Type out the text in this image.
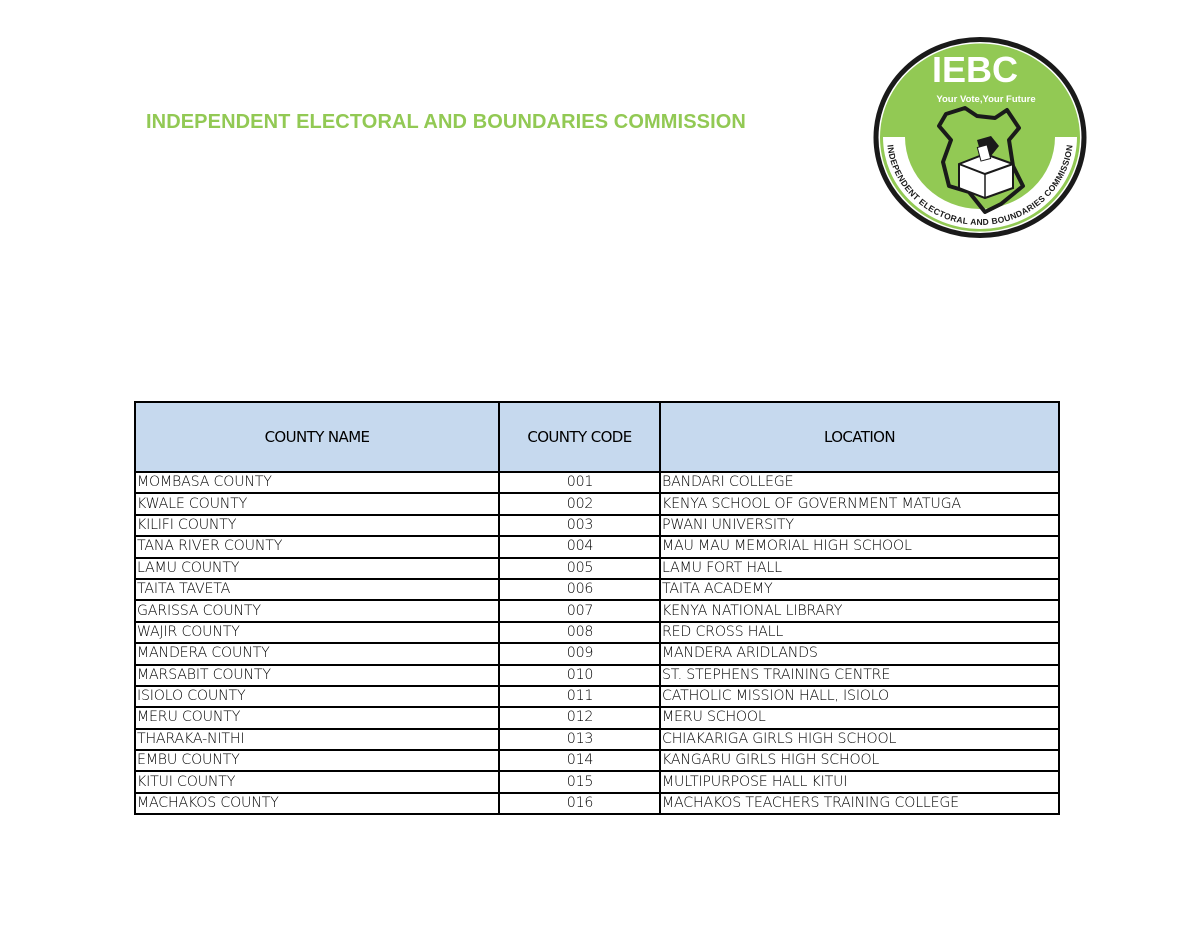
INDEPENDENT ELECTORAL AND BOUNDARIES COMMISSION
INDEPENDENT ELECTORAL AND BOUNDARIES COMMISSION
IEBC
Your Vote,Your Future
COUNTY NAME	COUNTY CODE	LOCATION
MOMBASA COUNTY	001	BANDARI COLLEGE
KWALE COUNTY	002	KENYA SCHOOL OF GOVERNMENT MATUGA
KILIFI COUNTY	003	PWANI UNIVERSITY
TANA RIVER COUNTY	004	MAU MAU MEMORIAL HIGH SCHOOL
LAMU COUNTY	005	LAMU FORT HALL
TAITA TAVETA	006	TAITA ACADEMY
GARISSA COUNTY	007	KENYA NATIONAL LIBRARY
WAJIR COUNTY	008	RED CROSS HALL
MANDERA COUNTY	009	MANDERA ARIDLANDS
MARSABIT COUNTY	010	ST. STEPHENS TRAINING CENTRE
ISIOLO COUNTY	011	CATHOLIC MISSION HALL, ISIOLO
MERU COUNTY	012	MERU SCHOOL
THARAKA-NITHI	013	CHIAKARIGA GIRLS HIGH SCHOOL
EMBU COUNTY	014	KANGARU GIRLS HIGH SCHOOL
KITUI COUNTY	015	MULTIPURPOSE HALL KITUI
MACHAKOS COUNTY	016	MACHAKOS TEACHERS TRAINING COLLEGE
